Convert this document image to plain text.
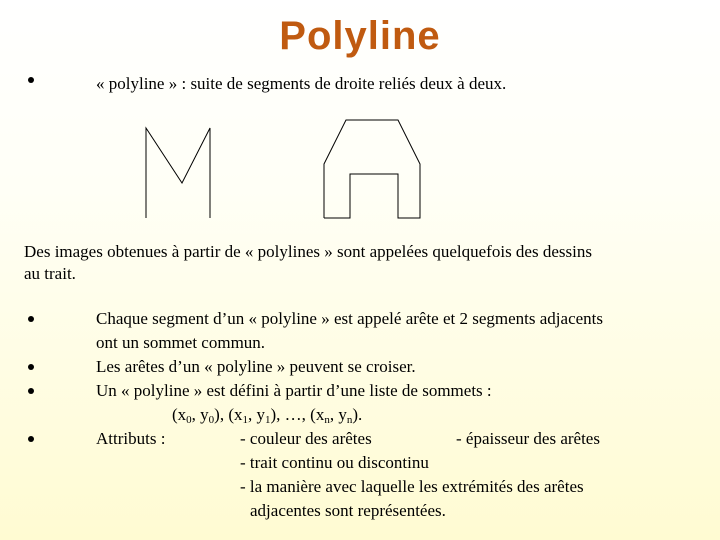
Polyline
« polyline » : suite de segments de droite reliés deux à deux.
Des images obtenues à partir de « polylines » sont appelées quelquefois des dessins
au trait.
Chaque segment d’un « polyline » est appelé arête et 2 segments adjacents
ont un sommet commun.
Les arêtes d’un « polyline » peuvent se croiser.
Un « polyline » est défini à partir d’une liste de sommets :
($x_0$, $y_0$), ($x_1$, $y_1$), …, ($x_n$, $y_n$).
Attributs :	- couleur des arêtes	- épaisseur des arêtes
- trait continu ou discontinu
- la manière avec laquelle les extrémités des arêtes
adjacentes sont représentées.
